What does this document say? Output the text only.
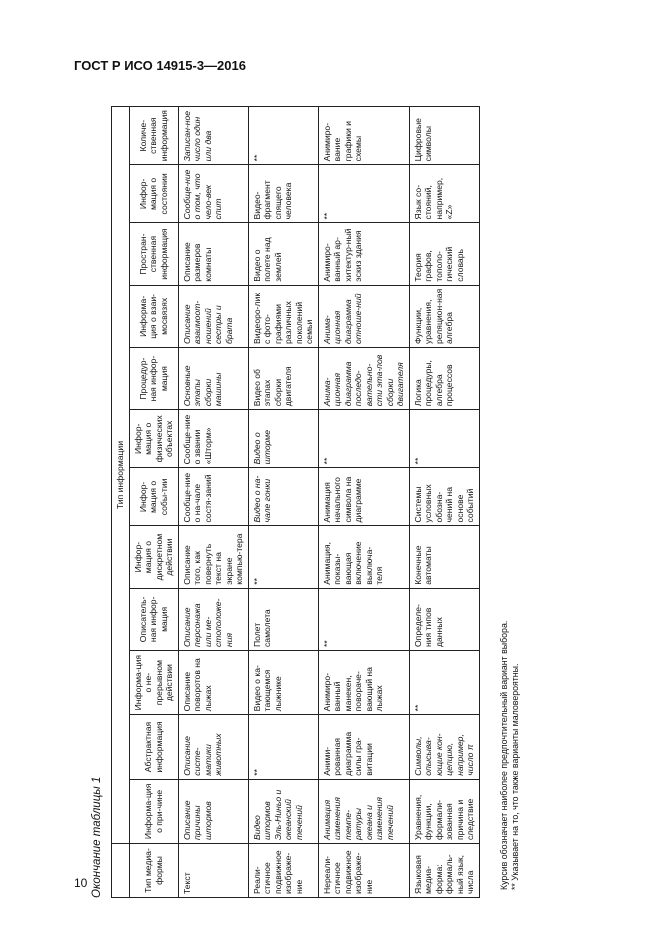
ГОСТ Р ИСО 14915-3—2016
Окончание таблицы 1
	Тип информации											
Тип медиа-формы	Информа-ция о при-чине	Абстрактная информация	Информа-ция о не-прерывном действии	Описатель-ная инфор-мация	Инфор-мация о дискретном действии	Инфор-мация о собы-тии	Инфор-мация о физических объектах	Процедур-ная инфор-мация	Информа-ция о взаи-мосвязях	Простран-ственная информация	Инфор-мация о состоянии	Количе-ственная информация
Текст	Описание причины штормов	Описание систе-матики животных	Описание поворотов на лыжах	Описание персонажа или ме-стоположе-ния	Описание того, как повернуть текст на экране компью-тера	Сообще-ние о на-чале состя-заний	Сообще-ние о звании «Шторм»	Основные этапы сборки машины	Описание взаимоот-ношений сестры и брата	Описание размеров комнаты	Сообще-ние о том, что чело-век спит	Записан-ное число один или два
Реали-стичное подвижное изображе-ние	Видео штормов Эль-Ниньо и океанский течений	**	Видео о ка-тающемся лыжнике	Полет самолета	**	Видео о на-чале гонки	Видео о шторме	Видео об этапах сборки двигателя	Видеоро-лик с фото-графиями различных поколений семьи	Видео о полете над землей	Видео-фрагмент спящего человека	**
Нереали-стичное подвижное изображе-ние	Анимация изменения темпе-ратуры океана и изменения течений	Аними-рованная диаграмма силы гра-витации	Анимиро-ванный манекен, повораче-вающий на лыжах	**	Анимация, показы-вающая включение выключа-теля	Анимация начального символа на диаграмме	**	Анима-ционная диаграмма последо-вательно-сти эта-пов сборки двигателя	Анима-ционная диаграмма отноше-ний	Анимиро-ванный ар-хитектур-ный эскиз здания	**	Анимиро-вание графики и схемы
Языковая медиа-форма: формаль-ный язык, числа	Уравнения, функции, формали-зованная причина и следствие	Символы, опысыва-ющие кон-цепцию, например, число π	**	Определе-ния типов данных	Конечные автоматы	Системы условных обозна-чений на основе событий	**	Логика процедуры, алгебра процессов	Функции, уравнения, реляцион-ная алгебра	Теория графов, тополо-гический словарь	Язык со-стояний, например, «Z»	Цифровые символы
Курсив обозначает наиболее предпочтительный вариант выбора. ** Указывает на то, что также варианты маловероятны.
10
